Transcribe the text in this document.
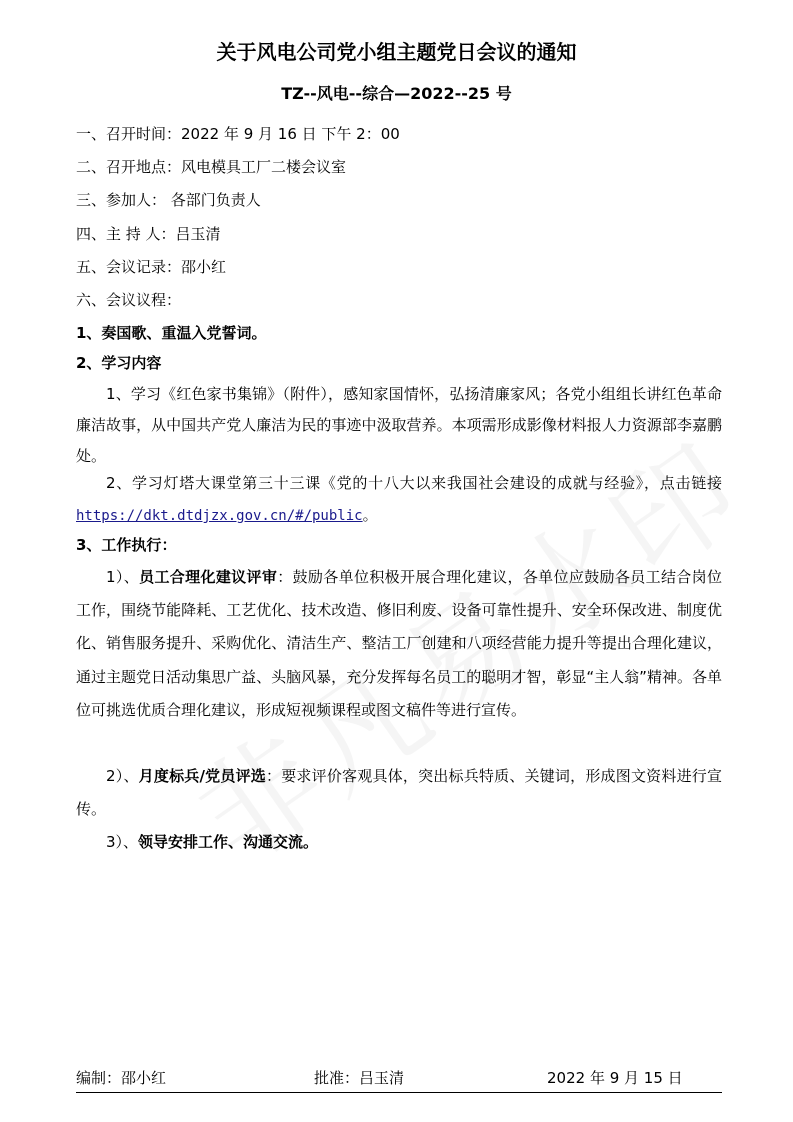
关于风电公司党小组主题党日会议的通知
TZ--风电--综合—2022--25 号
一、召开时间：2022 年 9 月 16 日 下午 2：00
二、召开地点：风电模具工厂二楼会议室
三、参加人： 各部门负责人
四、主 持 人：吕玉清
五、会议记录：邵小红
六、会议议程：
1、奏国歌、重温入党誓词。
2、学习内容
1、学习《红色家书集锦》（附件），感知家国情怀，弘扬清廉家风；各党小组组长讲红色革命廉洁故事，从中国共产党人廉洁为民的事迹中汲取营养。本项需形成影像材料报人力资源部李嘉鹏处。
2、学习灯塔大课堂第三十三课《党的十八大以来我国社会建设的成就与经验》，点击链接https://dkt.dtdjzx.gov.cn/#/public。
3、工作执行：
1）、员工合理化建议评审：鼓励各单位积极开展合理化建议，各单位应鼓励各员工结合岗位工作，围绕节能降耗、工艺优化、技术改造、修旧利废、设备可靠性提升、安全环保改进、制度优化、销售服务提升、采购优化、清洁生产、整洁工厂创建和八项经营能力提升等提出合理化建议，通过主题党日活动集思广益、头脑风暴，充分发挥每名员工的聪明才智，彰显“主人翁”精神。各单位可挑选优质合理化建议，形成短视频课程或图文稿件等进行宣传。
2）、月度标兵/党员评选：要求评价客观具体，突出标兵特质、关键词，形成图文资料进行宣传。
3）、领导安排工作、沟通交流。
编制：邵小红	批准：吕玉清	2022 年 9 月 15 日
